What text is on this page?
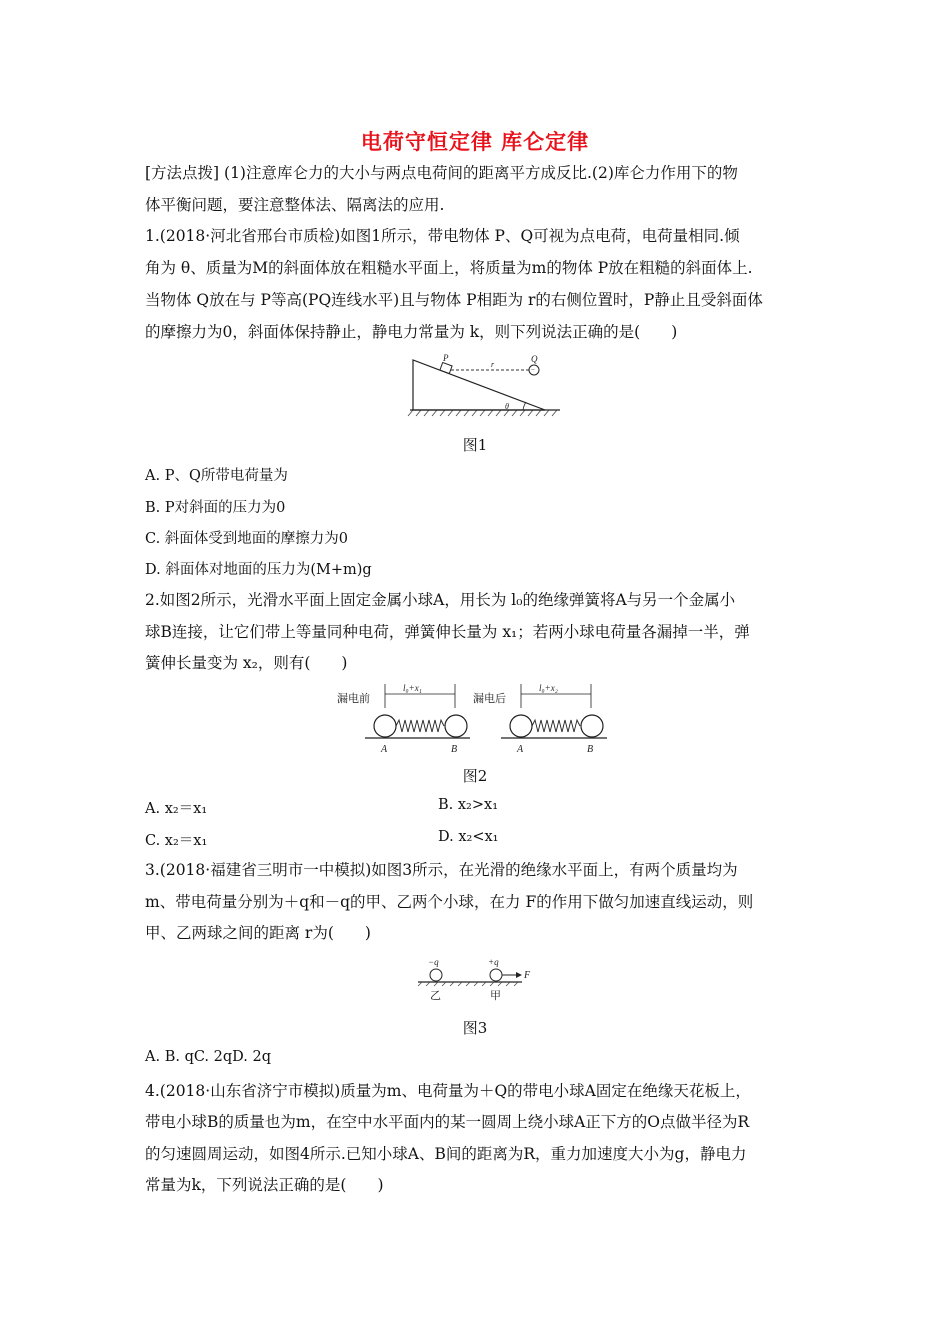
电荷守恒定律 库仑定律
[方法点拨] (1)注意库仑力的大小与两点电荷间的距离平方成反比.(2)库仑力作用下的物
体平衡问题，要注意整体法、隔离法的应用.
1.(2018·河北省邢台市质检)如图1所示，带电物体 P、Q可视为点电荷，电荷量相同.倾
角为 θ、质量为M的斜面体放在粗糙水平面上，将质量为m的物体 P放在粗糙的斜面体上.
当物体 Q放在与 P等高(PQ连线水平)且与物体 P相距为 r的右侧位置时，P静止且受斜面体
的摩擦力为0，斜面体保持静止，静电力常量为 k，则下列说法正确的是(　　)
−
P	Q
r
θ
图1
A. P、Q所带电荷量为
B. P对斜面的压力为0
C. 斜面体受到地面的摩擦力为0
D. 斜面体对地面的压力为(M+m)g
2.如图2所示，光滑水平面上固定金属小球A，用长为 l₀的绝缘弹簧将A与另一个金属小
球B连接，让它们带上等量同种电荷，弹簧伸长量为 x₁；若两小球电荷量各漏掉一半，弹
簧伸长量变为 x₂，则有(　　)
漏电前
l₀+x₁
A	B
漏电后
l₀+x₂
A	B
图2
A. x₂＝x₁	B. x₂>x₁
C. x₂＝x₁	D. x₂<x₁
3.(2018·福建省三明市一中模拟)如图3所示，在光滑的绝缘水平面上，有两个质量均为
m、带电荷量分别为＋q和－q的甲、乙两个小球，在力 F的作用下做匀加速直线运动，则
甲、乙两球之间的距离 r为(　　)
−q	+q
F
乙	甲
图3
A. B. qC. 2qD. 2q
4.(2018·山东省济宁市模拟)质量为m、电荷量为＋Q的带电小球A固定在绝缘天花板上，
带电小球B的质量也为m，在空中水平面内的某一圆周上绕小球A正下方的O点做半径为R
的匀速圆周运动，如图4所示.已知小球A、B间的距离为R，重力加速度大小为g，静电力
常量为k，下列说法正确的是(　　)
